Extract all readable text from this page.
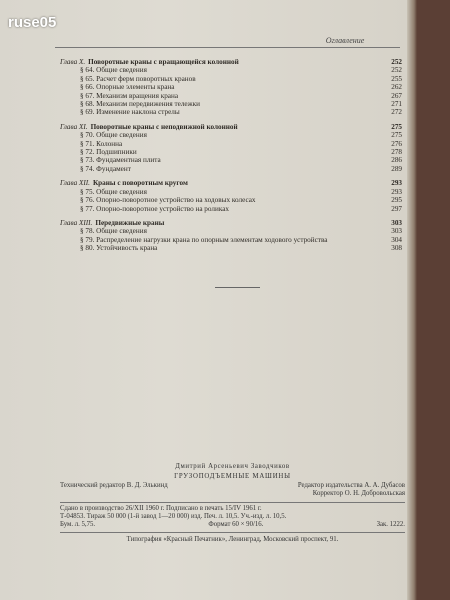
ruse05
Оглавление
Глава X. Поворотные краны с вращающейся колонной	252
§ 64. Общие сведения	252
§ 65. Расчет ферм поворотных кранов	255
§ 66. Опорные элементы крана	262
§ 67. Механизм вращения крана	267
§ 68. Механизм передвижения тележки	271
§ 69. Изменение наклона стрелы	272
Глава XI. Поворотные краны с неподвижной колонной	275
§ 70. Общие сведения	275
§ 71. Колонна	276
§ 72. Подшипники	278
§ 73. Фундаментная плита	286
§ 74. Фундамент	289
Глава XII. Краны с поворотным кругом	293
§ 75. Общие сведения	293
§ 76. Опорно-поворотное устройство на ходовых колесах	295
§ 77. Опорно-поворотное устройство на роликах	297
Глава XIII. Передвижные краны	303
§ 78. Общие сведения	303
§ 79. Распределение нагрузки крана по опорным элементам ходового устройства	304
§ 80. Устойчивость крана	308
Дмитрий Арсеньевич Заводчиков
ГРУЗОПОДЪЕМНЫЕ МАШИНЫ
Технический редактор В. Д. Элькинд	Редактор издательства А. А. Дубасов
Корректор О. Н. Добровольская
Сдано в производство 26/XII 1960 г. Подписано в печать 15/IV 1961 г.
Т-04853. Тираж 50 000 (1-й завод 1—20 000) изд. Печ. л. 10,5. Уч.-изд. л. 10,5.
Бум. л. 5,75.	Формат 60 × 90/16.	Зак. 1222.
Типография «Красный Печатник», Ленинград, Московский проспект, 91.
